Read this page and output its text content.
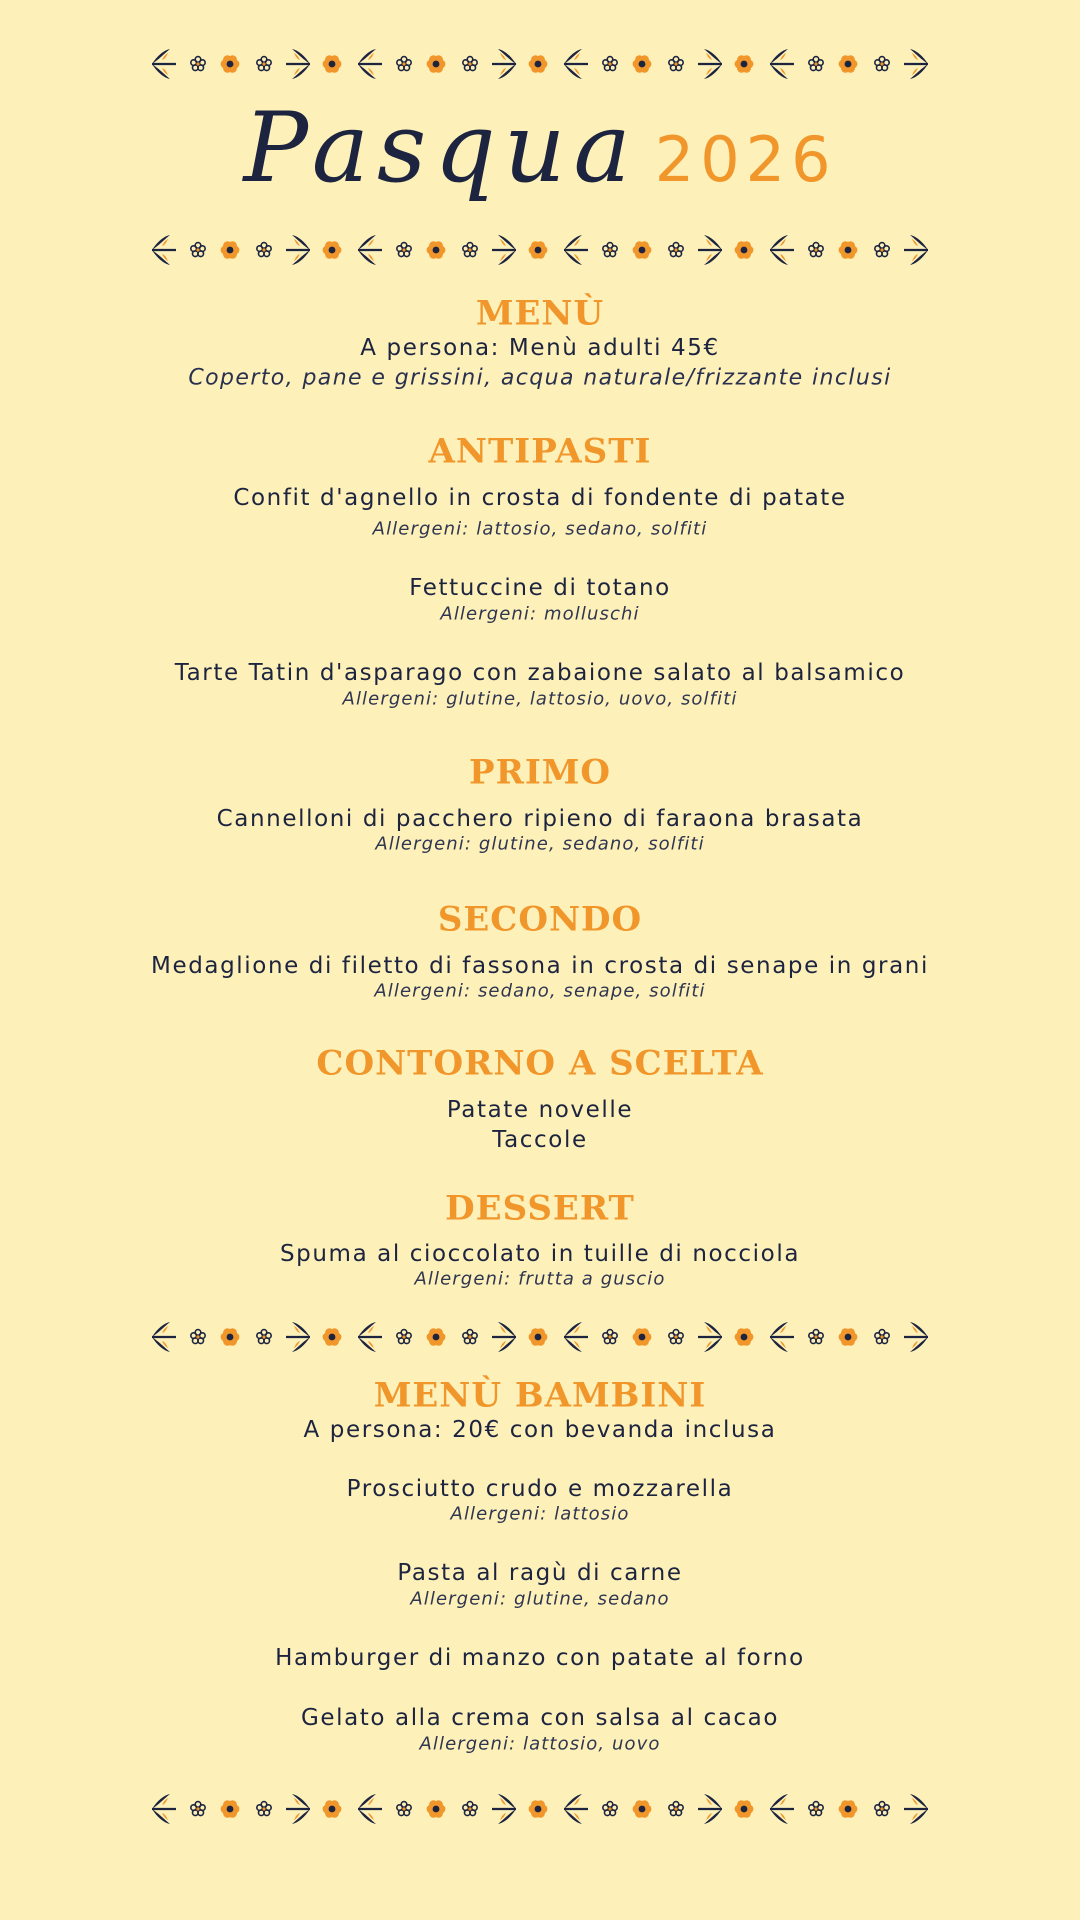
Pasqua 2026
MENÙ
A persona: Menù adulti 45€
Coperto, pane e grissini, acqua naturale/frizzante inclusi
ANTIPASTI
Confit d'agnello in crosta di fondente di patate
Allergeni: lattosio, sedano, solfiti
Fettuccine di totano
Allergeni: molluschi
Tarte Tatin d'asparago con zabaione salato al balsamico
Allergeni: glutine, lattosio, uovo, solfiti
PRIMO
Cannelloni di pacchero ripieno di faraona brasata
Allergeni: glutine, sedano, solfiti
SECONDO
Medaglione di filetto di fassona in crosta di senape in grani
Allergeni: sedano, senape, solfiti
CONTORNO A SCELTA
Patate novelle
Taccole
DESSERT
Spuma al cioccolato in tuille di nocciola
Allergeni: frutta a guscio
MENÙ BAMBINI
A persona: 20€ con bevanda inclusa
Prosciutto crudo e mozzarella
Allergeni: lattosio
Pasta al ragù di carne
Allergeni: glutine, sedano
Hamburger di manzo con patate al forno
Gelato alla crema con salsa al cacao
Allergeni: lattosio, uovo
